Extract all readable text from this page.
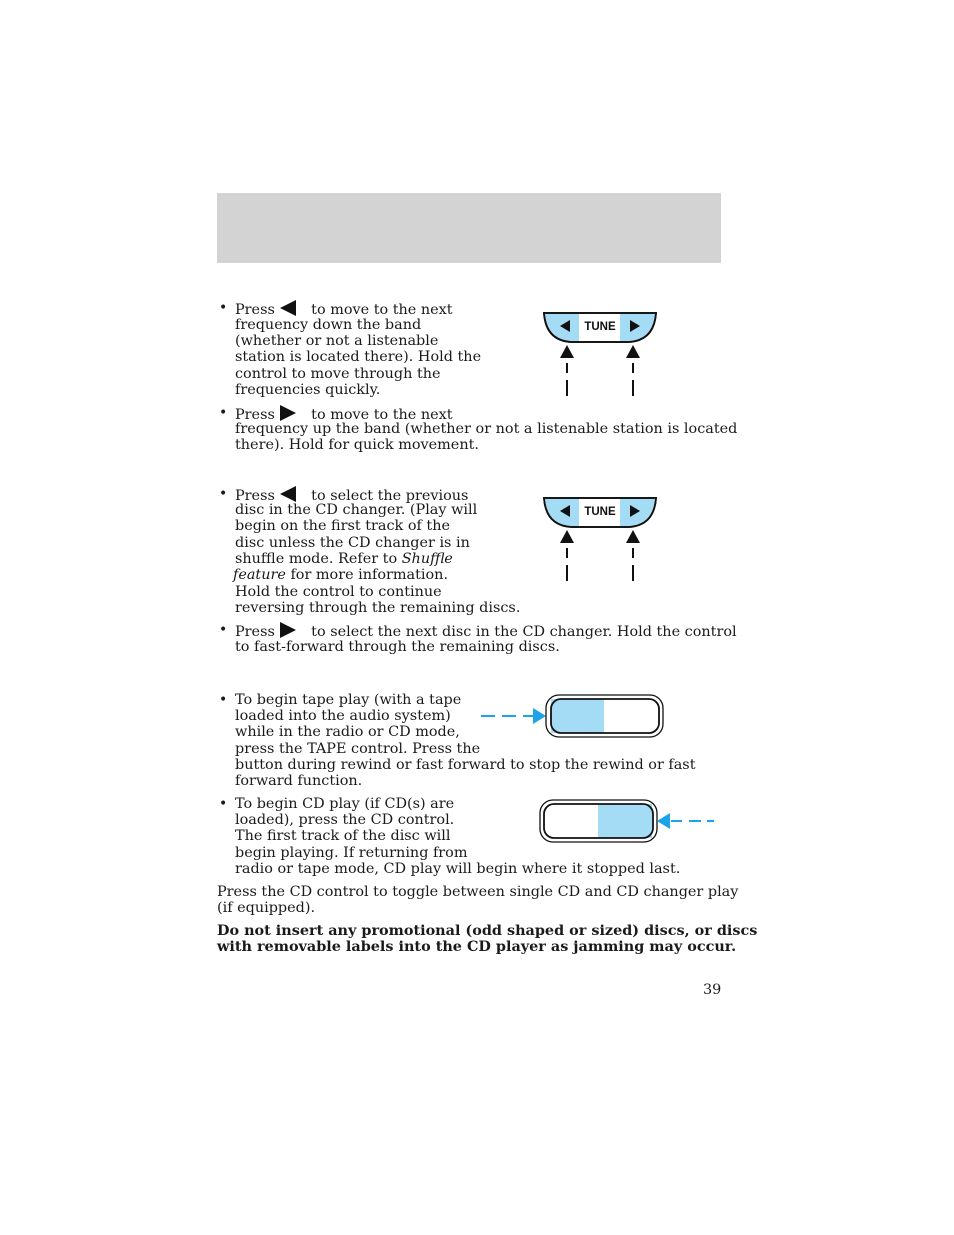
• Press	to move to the next
frequency down the band
(whether or not a listenable
station is located there). Hold the
control to move through the
frequencies quickly.
• Press	to move to the next
frequency up the band (whether or not a listenable station is located
there). Hold for quick movement.
TUNE
• Press	to select the previous
disc in the CD changer. (Play will
begin on the first track of the
disc unless the CD changer is in
shuffle mode. Refer to Shuffle
feature for more information.
Hold the control to continue
reversing through the remaining discs.
• Press	to select the next disc in the CD changer. Hold the control
to fast-forward through the remaining discs.
TUNE
• To begin tape play (with a tape
loaded into the audio system)
while in the radio or CD mode,
press the TAPE control. Press the
button during rewind or fast forward to stop the rewind or fast
forward function.
• To begin CD play (if CD(s) are
loaded), press the CD control.
The first track of the disc will
begin playing. If returning from
radio or tape mode, CD play will begin where it stopped last.
Press the CD control to toggle between single CD and CD changer play
(if equipped).
Do not insert any promotional (odd shaped or sized) discs, or discs
with removable labels into the CD player as jamming may occur.
39
